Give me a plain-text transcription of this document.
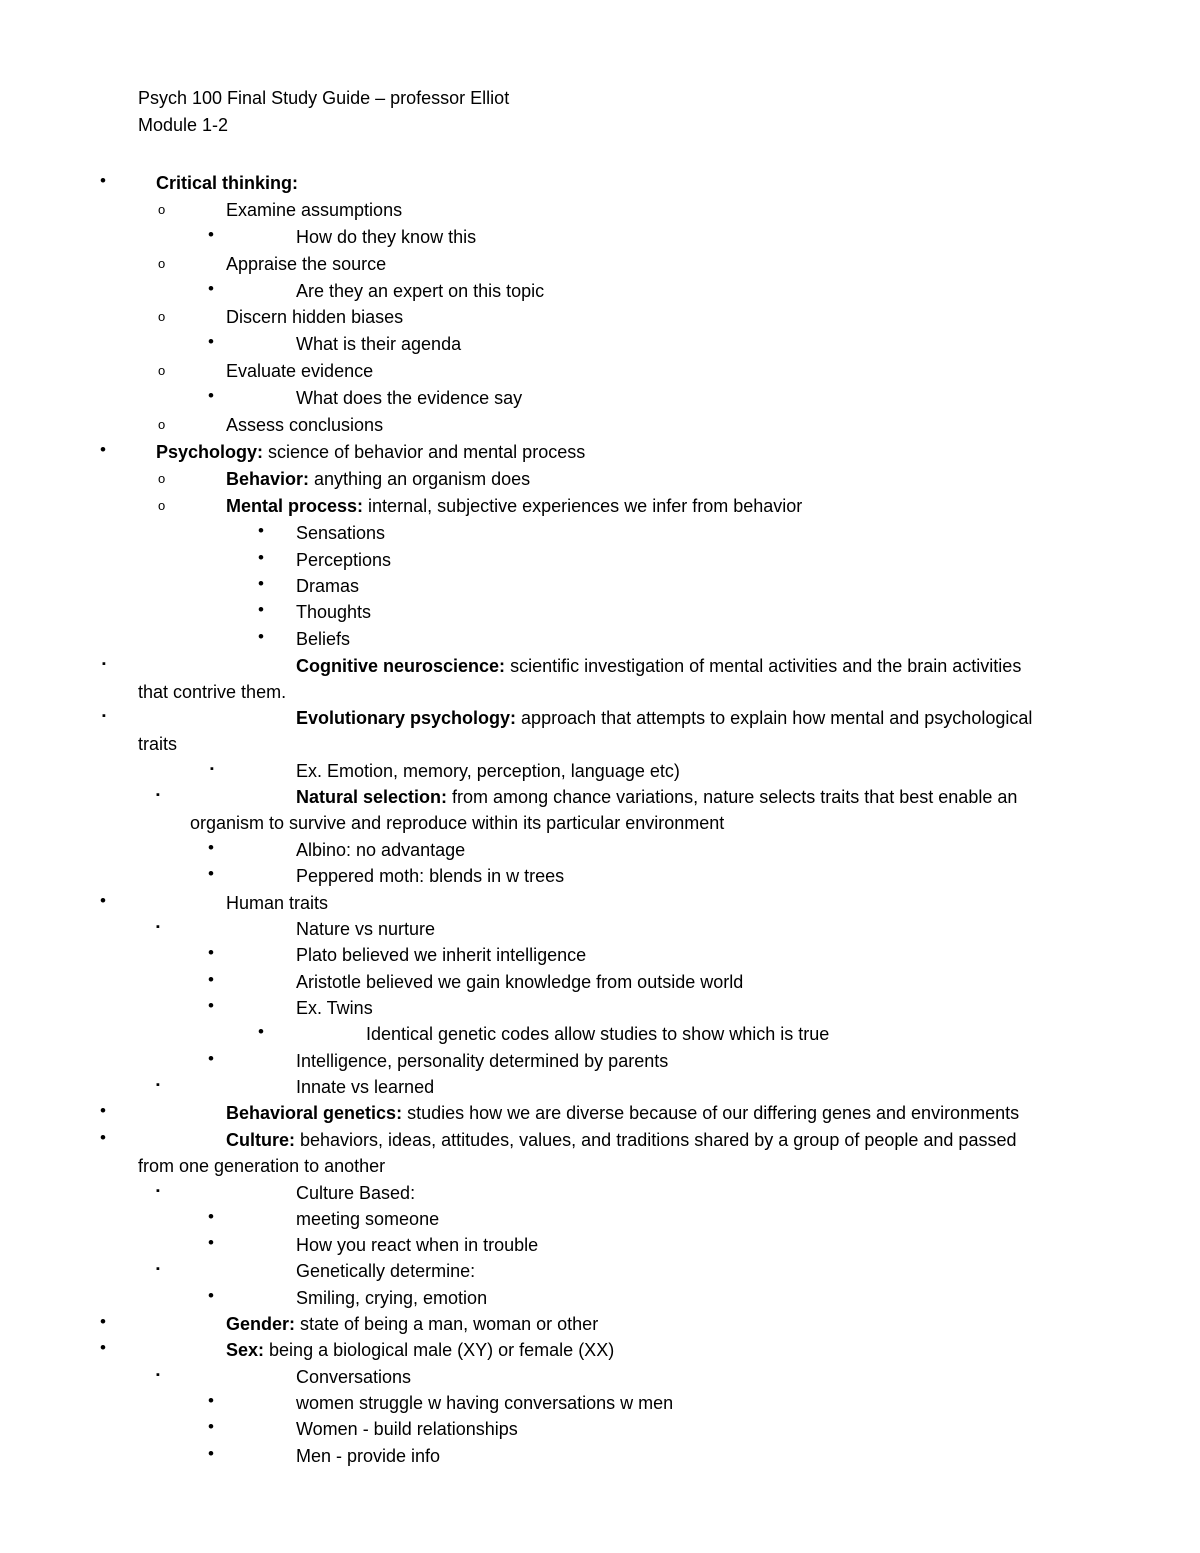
Psych 100 Final Study Guide – professor Elliot
Module 1-2
•	Critical thinking:
o	Examine assumptions
•	How do they know this
o	Appraise the source
•	Are they an expert on this topic
o	Discern hidden biases
•	What is their agenda
o	Evaluate evidence
•	What does the evidence say
o	Assess conclusions
•	Psychology: science of behavior and mental process
o	Behavior: anything an organism does
o	Mental process: internal, subjective experiences we infer from behavior
• Sensations
• Perceptions
• Dramas
• Thoughts
• Beliefs
▪	Cognitive neuroscience: scientific investigation of mental activities and the brain activities
that contrive them.
▪	Evolutionary psychology: approach that attempts to explain how mental and psychological
traits
▪	Ex. Emotion, memory, perception, language etc)
▪	Natural selection: from among chance variations, nature selects traits that best enable an
organism to survive and reproduce within its particular environment
•	Albino: no advantage
•	Peppered moth: blends in w trees
•	Human traits
▪	Nature vs nurture
•	Plato believed we inherit intelligence
•	Aristotle believed we gain knowledge from outside world
•	Ex. Twins
•	Identical genetic codes allow studies to show which is true
•	Intelligence, personality determined by parents
▪	Innate vs learned
•	Behavioral genetics: studies how we are diverse because of our differing genes and environments
•	Culture: behaviors, ideas, attitudes, values, and traditions shared by a group of people and passed
from one generation to another
▪	Culture Based:
•	meeting someone
•	How you react when in trouble
▪	Genetically determine:
•	Smiling, crying, emotion
•	Gender: state of being a man, woman or other
•	Sex: being a biological male (XY) or female (XX)
▪	Conversations
•	women struggle w having conversations w men
•	Women - build relationships
•	Men - provide info
